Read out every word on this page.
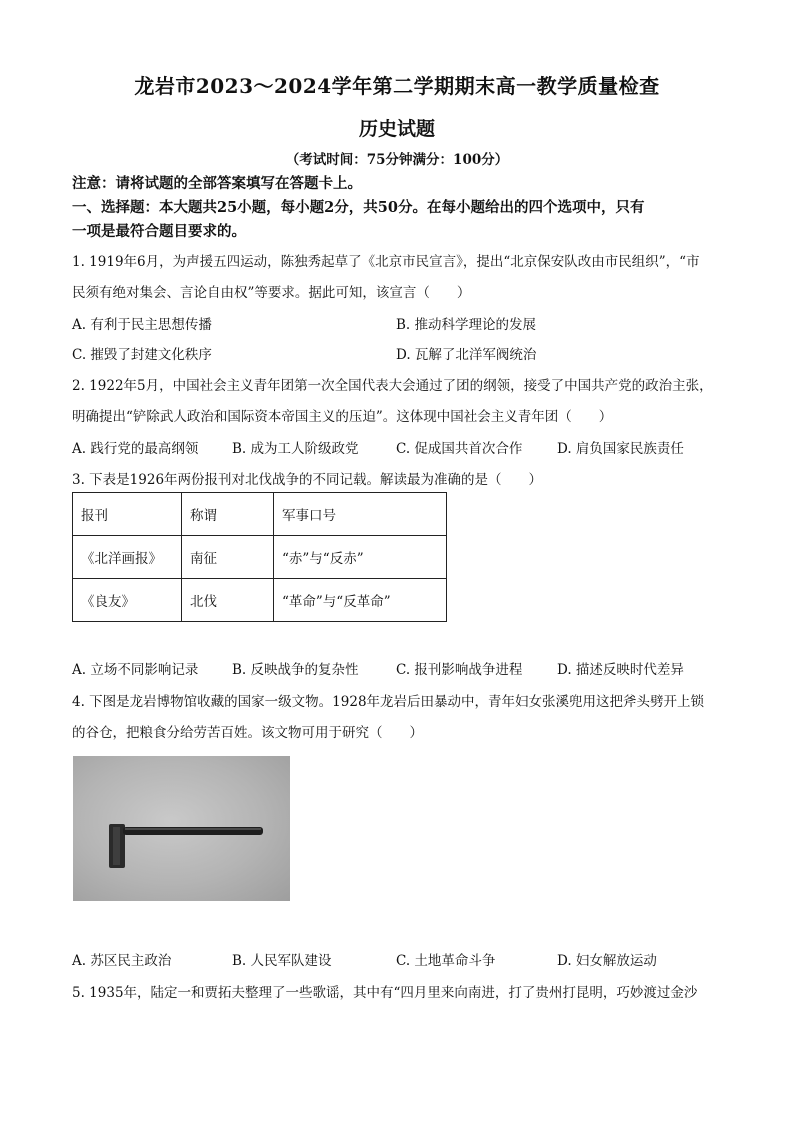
龙岩市2023～2024学年第二学期期末高一教学质量检查
历史试题
（考试时间：75分钟满分：100分）
注意：请将试题的全部答案填写在答题卡上。
一、选择题：本大题共25小题，每小题2分，共50分。在每小题给出的四个选项中，只有
一项是最符合题目要求的。
1. 1919年6月，为声援五四运动，陈独秀起草了《北京市民宣言》，提出“北京保安队改由市民组织”，“市
民须有绝对集会、言论自由权”等要求。据此可知，该宣言（　　）
A. 有利于民主思想传播	B. 推动科学理论的发展
C. 摧毁了封建文化秩序	D. 瓦解了北洋军阀统治
2. 1922年5月，中国社会主义青年团第一次全国代表大会通过了团的纲领，接受了中国共产党的政治主张，
明确提出“铲除武人政治和国际资本帝国主义的压迫”。这体现中国社会主义青年团（　　）
A. 践行党的最高纲领 B. 成为工人阶级政党	C. 促成国共首次合作	D. 肩负国家民族责任
3. 下表是1926年两份报刊对北伐战争的不同记载。解读最为准确的是（　　）
报刊	称谓	军事口号
《北洋画报》	南征	“赤”与“反赤”
《良友》	北伐	“革命”与“反革命”
A. 立场不同影响记录 B. 反映战争的复杂性	C. 报刊影响战争进程	D. 描述反映时代差异
4. 下图是龙岩博物馆收藏的国家一级文物。1928年龙岩后田暴动中，青年妇女张溪兜用这把斧头劈开上锁
的谷仓，把粮食分给劳苦百姓。该文物可用于研究（　　）
A. 苏区民主政治	B. 人民军队建设	C. 土地革命斗争	D. 妇女解放运动
5. 1935年，陆定一和贾拓夫整理了一些歌谣，其中有“四月里来向南进，打了贵州打昆明，巧妙渡过金沙
